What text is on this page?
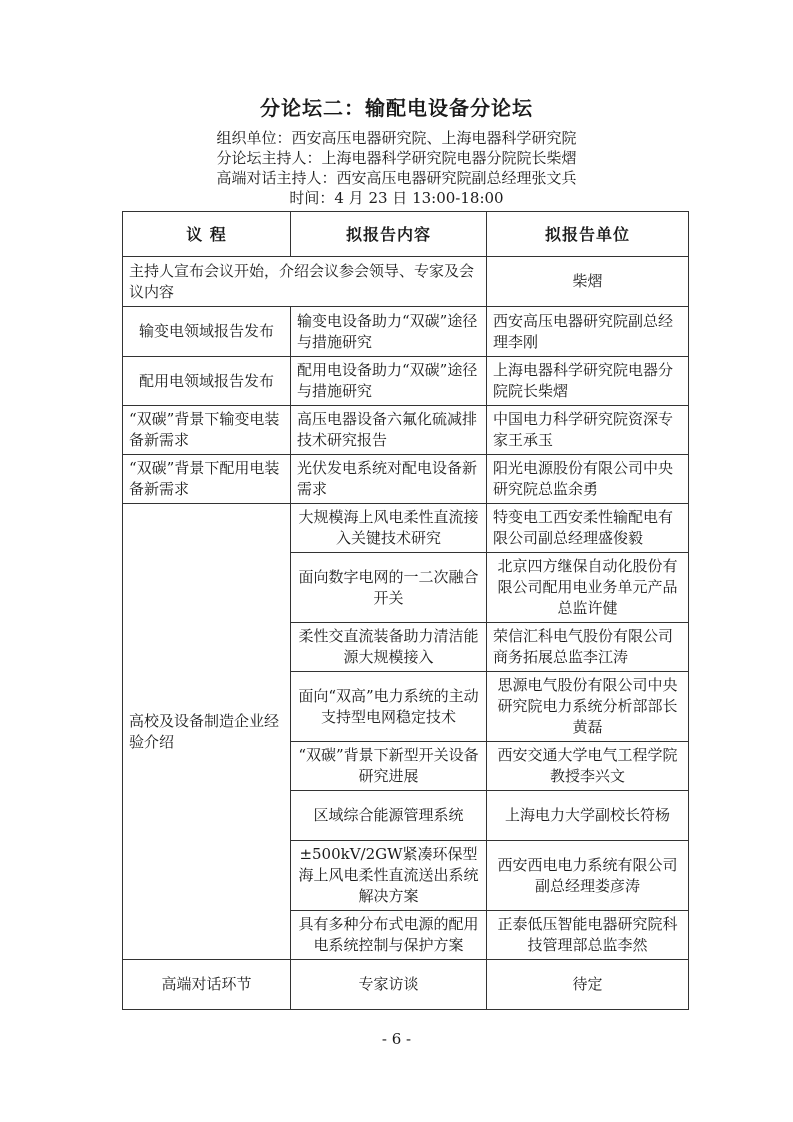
分论坛二：输配电设备分论坛
组织单位：西安高压电器研究院、上海电器科学研究院
分论坛主持人：上海电器科学研究院电器分院院长柴熠
高端对话主持人：西安高压电器研究院副总经理张文兵
时间：4 月 23 日 13:00-18:00
议 程	拟报告内容	拟报告单位
主持人宣布会议开始，介绍会议参会领导、专家及会议内容		柴熠
输变电领域报告发布	输变电设备助力“双碳”途径与措施研究	西安高压电器研究院副总经理李刚
配用电领域报告发布	配用电设备助力“双碳”途径与措施研究	上海电器科学研究院电器分院院长柴熠
“双碳”背景下输变电装备新需求	高压电器设备六氟化硫减排技术研究报告	中国电力科学研究院资深专家王承玉
“双碳”背景下配用电装备新需求	光伏发电系统对配电设备新需求	阳光电源股份有限公司中央研究院总监余勇
高校及设备制造企业经验介绍	大规模海上风电柔性直流接入关键技术研究	特变电工西安柔性输配电有限公司副总经理盛俊毅
	面向数字电网的一二次融合开关	北京四方继保自动化股份有限公司配用电业务单元产品总监许健
	柔性交直流装备助力清洁能源大规模接入	荣信汇科电气股份有限公司商务拓展总监李江涛
	面向“双高”电力系统的主动支持型电网稳定技术	思源电气股份有限公司中央研究院电力系统分析部部长黄磊
	“双碳”背景下新型开关设备研究进展	西安交通大学电气工程学院教授李兴文
	区域综合能源管理系统	上海电力大学副校长符杨
	±500kV/2GW紧凑环保型海上风电柔性直流送出系统解决方案	西安西电电力系统有限公司副总经理娄彦涛
	具有多种分布式电源的配用电系统控制与保护方案	正泰低压智能电器研究院科技管理部总监李然
高端对话环节	专家访谈	待定
- 6 -
